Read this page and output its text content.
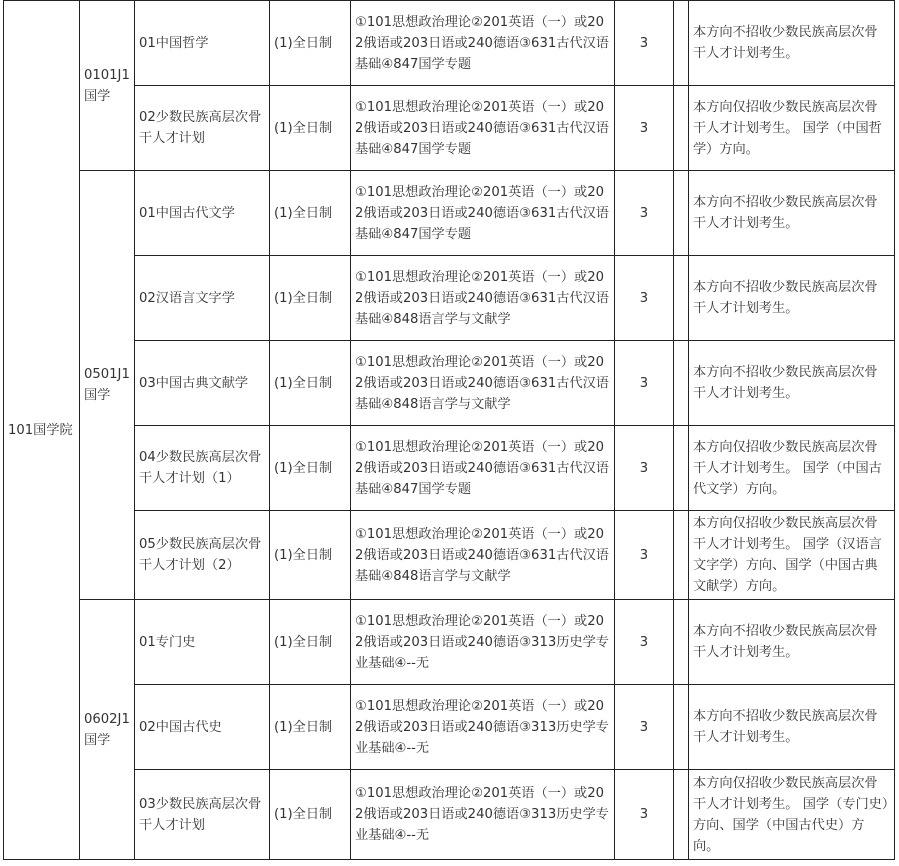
101国学院	0101J1国学	01中国哲学	(1)全日制	①101思想政治理论②201英语（一）或202俄语或203日语或240德语③631古代汉语基础④847国学专题	3		本方向不招收少数民族高层次骨干人才计划考生。
		02少数民族高层次骨干人才计划	(1)全日制	①101思想政治理论②201英语（一）或202俄语或203日语或240德语③631古代汉语基础④847国学专题	3		本方向仅招收少数民族高层次骨干人才计划考生。 国学（中国哲学）方向。
	0501J1国学	01中国古代文学	(1)全日制	①101思想政治理论②201英语（一）或202俄语或203日语或240德语③631古代汉语基础④847国学专题	3		本方向不招收少数民族高层次骨干人才计划考生。
		02汉语言文字学	(1)全日制	①101思想政治理论②201英语（一）或202俄语或203日语或240德语③631古代汉语基础④848语言学与文献学	3		本方向不招收少数民族高层次骨干人才计划考生。
		03中国古典文献学	(1)全日制	①101思想政治理论②201英语（一）或202俄语或203日语或240德语③631古代汉语基础④848语言学与文献学	3		本方向不招收少数民族高层次骨干人才计划考生。
		04少数民族高层次骨干人才计划（1）	(1)全日制	①101思想政治理论②201英语（一）或202俄语或203日语或240德语③631古代汉语基础④847国学专题	3		本方向仅招收少数民族高层次骨干人才计划考生。 国学（中国古代文学）方向。
		05少数民族高层次骨干人才计划（2）	(1)全日制	①101思想政治理论②201英语（一）或202俄语或203日语或240德语③631古代汉语基础④848语言学与文献学	3		本方向仅招收少数民族高层次骨干人才计划考生。 国学（汉语言文字学）方向、国学（中国古典文献学）方向。
	0602J1国学	01专门史	(1)全日制	①101思想政治理论②201英语（一）或202俄语或203日语或240德语③313历史学专业基础④--无	3		本方向不招收少数民族高层次骨干人才计划考生。
		02中国古代史	(1)全日制	①101思想政治理论②201英语（一）或202俄语或203日语或240德语③313历史学专业基础④--无	3		本方向不招收少数民族高层次骨干人才计划考生。
		03少数民族高层次骨干人才计划	(1)全日制	①101思想政治理论②201英语（一）或202俄语或203日语或240德语③313历史学专业基础④--无	3		本方向仅招收少数民族高层次骨干人才计划考生。 国学（专门史）方向、国学（中国古代史）方向。
